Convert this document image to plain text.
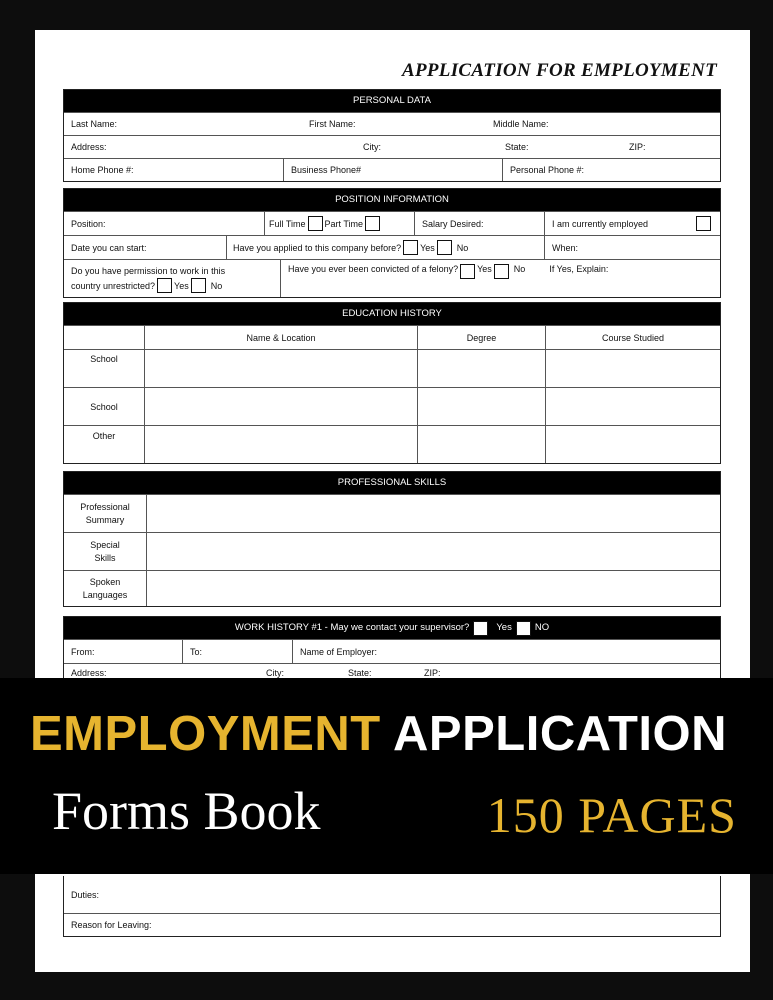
APPLICATION FOR EMPLOYMENT
PERSONAL DATA
Last Name:	First Name:	Middle Name:
Address:	City:	State:	ZIP:
Home Phone #:	Business Phone#	Personal Phone #:
POSITION INFORMATION
Position:	Full Time Part Time	Salary Desired:	I am currently employed
Date you can start:	Have you applied to this company before? Yes No	When:
Do you have permission to work in this
country unrestricted? Yes No
Have you ever been convicted of a felony? Yes No	If Yes, Explain:
EDUCATION HISTORY
Name & Location	Degree	Course Studied
School
School
Other
PROFESSIONAL SKILLS
Professional
Summary
Special
Skills
Spoken
Languages
WORK HISTORY #1 - May we contact your supervisor?	Yes NO
From:	To:	Name of Employer:
Address:	City:	State:	ZIP:
Duties:
Reason for Leaving:
EMPLOYMENT APPLICATION
Forms Book	150 PAGES
